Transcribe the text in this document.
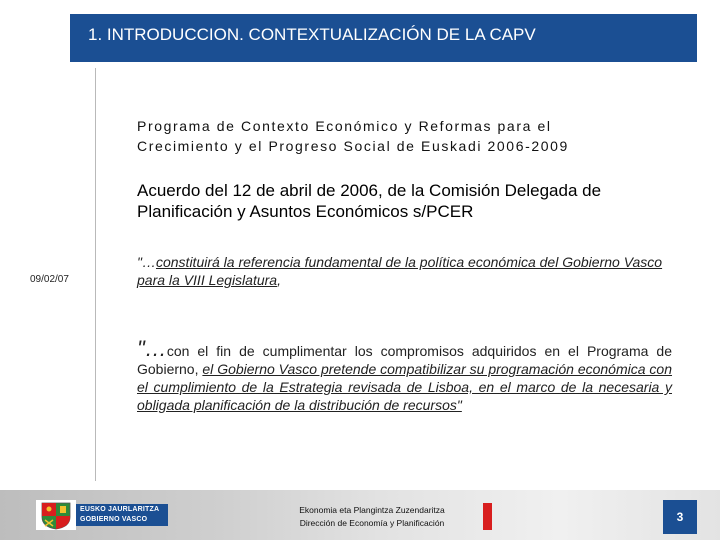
1. INTRODUCCION. CONTEXTUALIZACIÓN DE LA CAPV
09/02/07
Programa de Contexto Económico y Reformas para el
Crecimiento y el Progreso Social de Euskadi 2006-2009
Acuerdo del 12 de abril de 2006, de la Comisión Delegada de
Planificación y Asuntos Económicos s/PCER
"…constituirá la referencia fundamental de la política económica del Gobierno Vasco para la VIII Legislatura,
"…con el fin de cumplimentar los compromisos adquiridos en el Programa de Gobierno, el Gobierno Vasco pretende compatibilizar su programación económica con el cumplimiento de la Estrategia revisada de Lisboa, en el marco de la necesaria y obligada planificación de la distribución de recursos"
EUSKO JAURLARITZA
GOBIERNO VASCO
Ekonomia eta Plangintza Zuzendaritza
Dirección de Economía y Planificación	3
